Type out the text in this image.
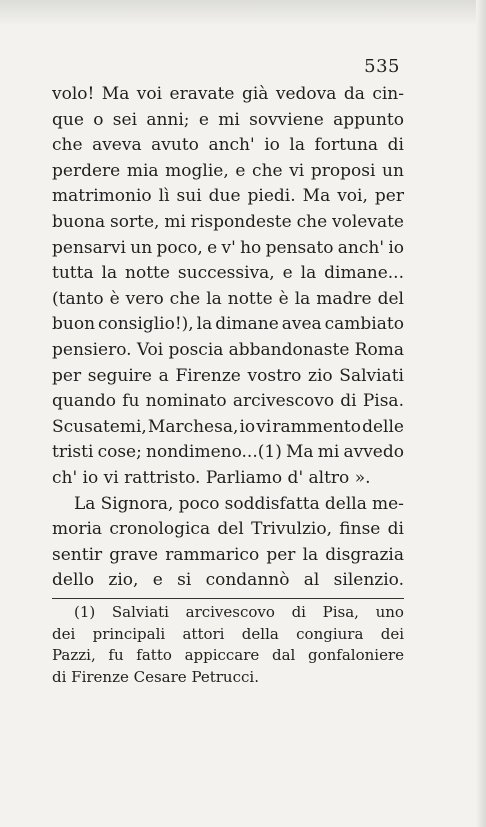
535
volo! Ma voi eravate già vedova da cin-
que o sei anni; e mi sovviene appunto
che aveva avuto anch' io la fortuna di
perdere mia moglie, e che vi proposi un
matrimonio lì sui due piedi. Ma voi, per
buona sorte, mi rispondeste che volevate
pensarvi un poco, e v' ho pensato anch' io
tutta la notte successiva, e la dimane...
(tanto è vero che la notte è la madre del
buon consiglio!), la dimane avea cambiato
pensiero. Voi poscia abbandonaste Roma
per seguire a Firenze vostro zio Salviati
quando fu nominato arcivescovo di Pisa.
Scusatemi, Marchesa, io vi rammento delle
tristi cose; nondimeno...(1) Ma mi avvedo
ch' io vi rattristo. Parliamo d' altro ».
La Signora, poco soddisfatta della me-
moria cronologica del Trivulzio, finse di
sentir grave rammarico per la disgrazia
dello zio, e si condannò al silenzio.
(1) Salviati arcivescovo di Pisa, uno
dei principali attori della congiura dei
Pazzi, fu fatto appiccare dal gonfaloniere
di Firenze Cesare Petrucci.
